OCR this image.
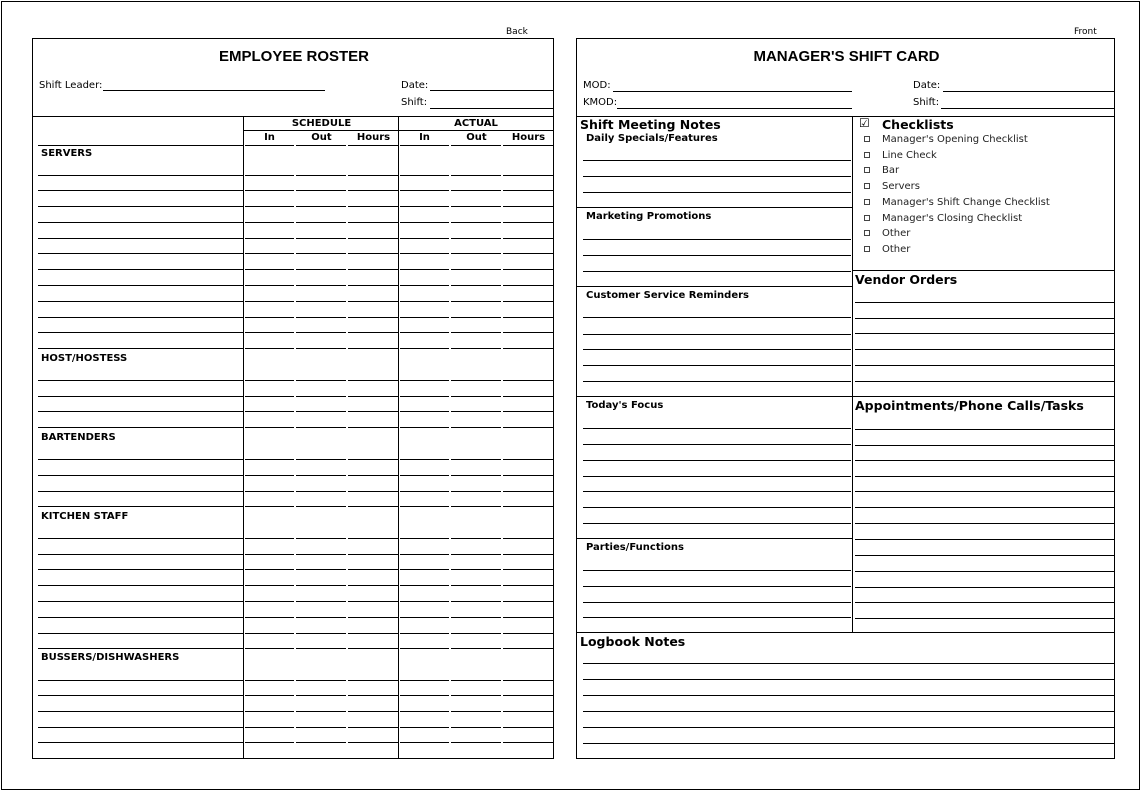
Back	Front
EMPLOYEE ROSTER
Shift Leader:	Date:
Shift:
SCHEDULE	ACTUAL
In	Out	Hours	In	Out	Hours
SERVERS
HOST/HOSTESS
BARTENDERS
KITCHEN STAFF
BUSSERS/DISHWASHERS
MANAGER'S SHIFT CARD
MOD:
KMOD:
Date:
Shift:
Shift Meeting Notes
Daily Specials/Features
Marketing Promotions
Customer Service Reminders
Today's Focus
Parties/Functions
☑ Checklists
Manager's Opening Checklist
Line Check
Bar
Servers
Manager's Shift Change Checklist
Manager's Closing Checklist
Other
Other
Vendor Orders
Appointments/Phone Calls/Tasks
Logbook Notes
